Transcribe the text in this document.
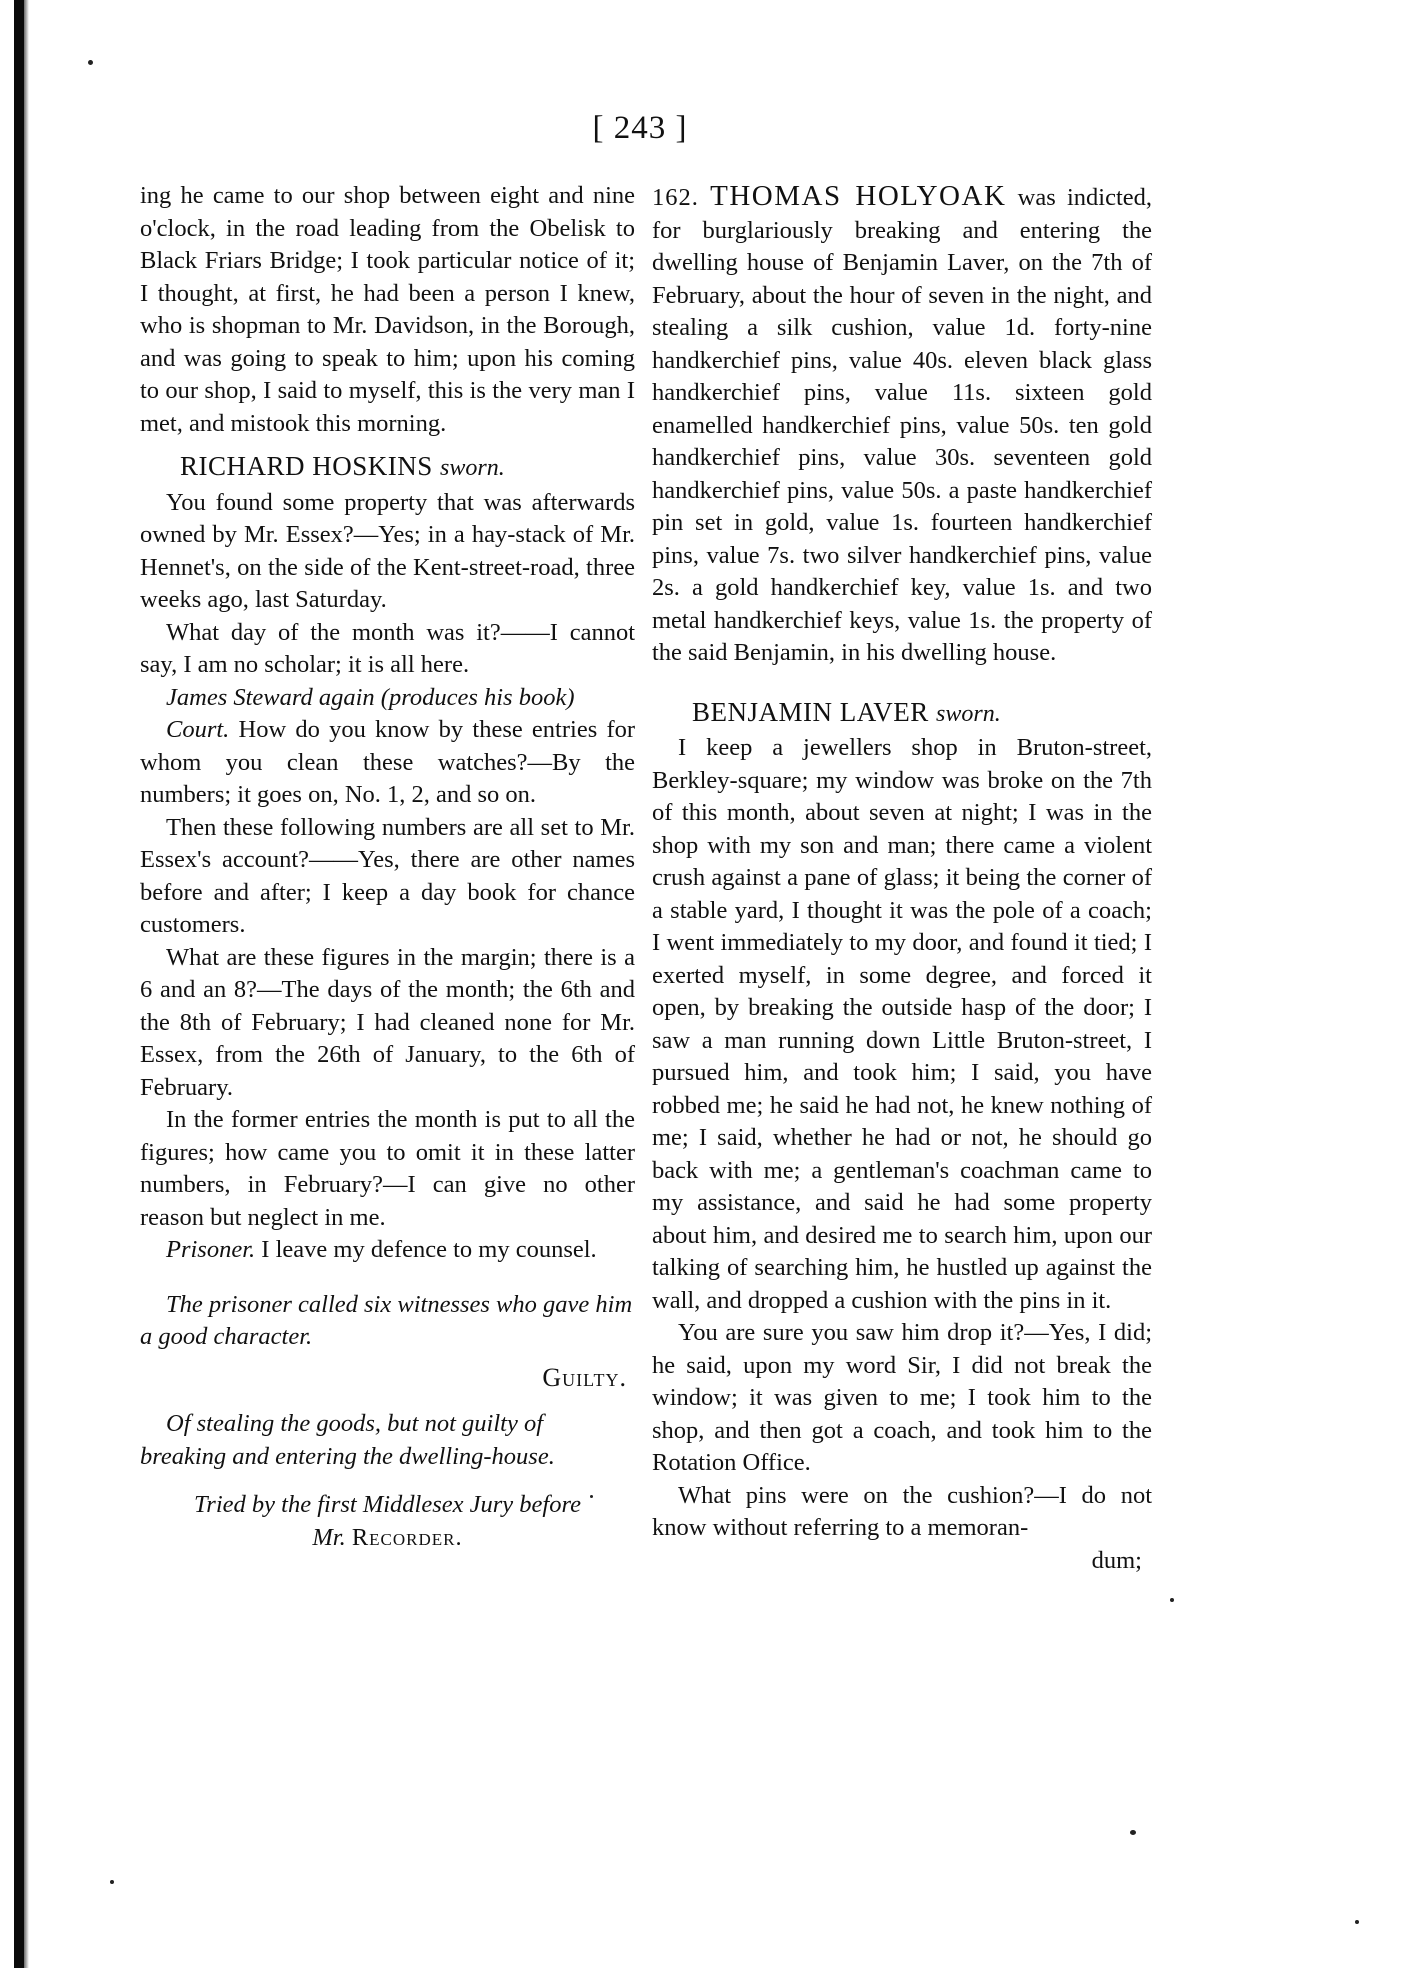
[ 243 ]

ing he came to our shop between eight and nine o'clock, in the road leading from the Obelisk to Black Friars Bridge; I took particular notice of it; I thought, at first, he had been a person I knew, who is shopman to Mr. Davidson, in the Borough, and was going to speak to him; upon his coming to our shop, I said to myself, this is the very man I met, and mistook this morning.

RICHARD HOSKINS sworn.

You found some property that was afterwards owned by Mr. Essex?—Yes; in a hay-stack of Mr. Hennet's, on the side of the Kent-street-road, three weeks ago, last Saturday.

What day of the month was it?——I cannot say, I am no scholar; it is all here.

James Steward again (produces his book)

Court. How do you know by these entries for whom you clean these watches?—By the numbers; it goes on, No. 1, 2, and so on.

Then these following numbers are all set to Mr. Essex's account?——Yes, there are other names before and after; I keep a day book for chance customers.

What are these figures in the margin; there is a 6 and an 8?—The days of the month; the 6th and the 8th of February; I had cleaned none for Mr. Essex, from the 26th of January, to the 6th of February.

In the former entries the month is put to all the figures; how came you to omit it in these latter numbers, in February?—I can give no other reason but neglect in me.

Prisoner. I leave my defence to my counsel.

The prisoner called six witnesses who gave him a good character.

Guilty.

Of stealing the goods, but not guilty of breaking and entering the dwelling-house.

Tried by the first Middlesex Jury before
Mr. Recorder.

162. THOMAS HOLYOAK was indicted, for burglariously breaking and entering the dwelling house of Benjamin Laver, on the 7th of February, about the hour of seven in the night, and stealing a silk cushion, value 1d. forty-nine handkerchief pins, value 40s. eleven black glass handkerchief pins, value 11s. sixteen gold enamelled handkerchief pins, value 50s. ten gold handkerchief pins, value 30s. seventeen gold handkerchief pins, value 50s. a paste handkerchief pin set in gold, value 1s. fourteen handkerchief pins, value 7s. two silver handkerchief pins, value 2s. a gold handkerchief key, value 1s. and two metal handkerchief keys, value 1s. the property of the said Benjamin, in his dwelling house.

BENJAMIN LAVER sworn.

I keep a jewellers shop in Bruton-street, Berkley-square; my window was broke on the 7th of this month, about seven at night; I was in the shop with my son and man; there came a violent crush against a pane of glass; it being the corner of a stable yard, I thought it was the pole of a coach; I went immediately to my door, and found it tied; I exerted myself, in some degree, and forced it open, by breaking the outside hasp of the door; I saw a man running down Little Bruton-street, I pursued him, and took him; I said, you have robbed me; he said he had not, he knew nothing of me; I said, whether he had or not, he should go back with me; a gentleman's coachman came to my assistance, and said he had some property about him, and desired me to search him, upon our talking of searching him, he hustled up against the wall, and dropped a cushion with the pins in it.

You are sure you saw him drop it?—Yes, I did; he said, upon my word Sir, I did not break the window; it was given to me; I took him to the shop, and then got a coach, and took him to the Rotation Office.

What pins were on the cushion?—I do not know without referring to a memoran-

dum;
